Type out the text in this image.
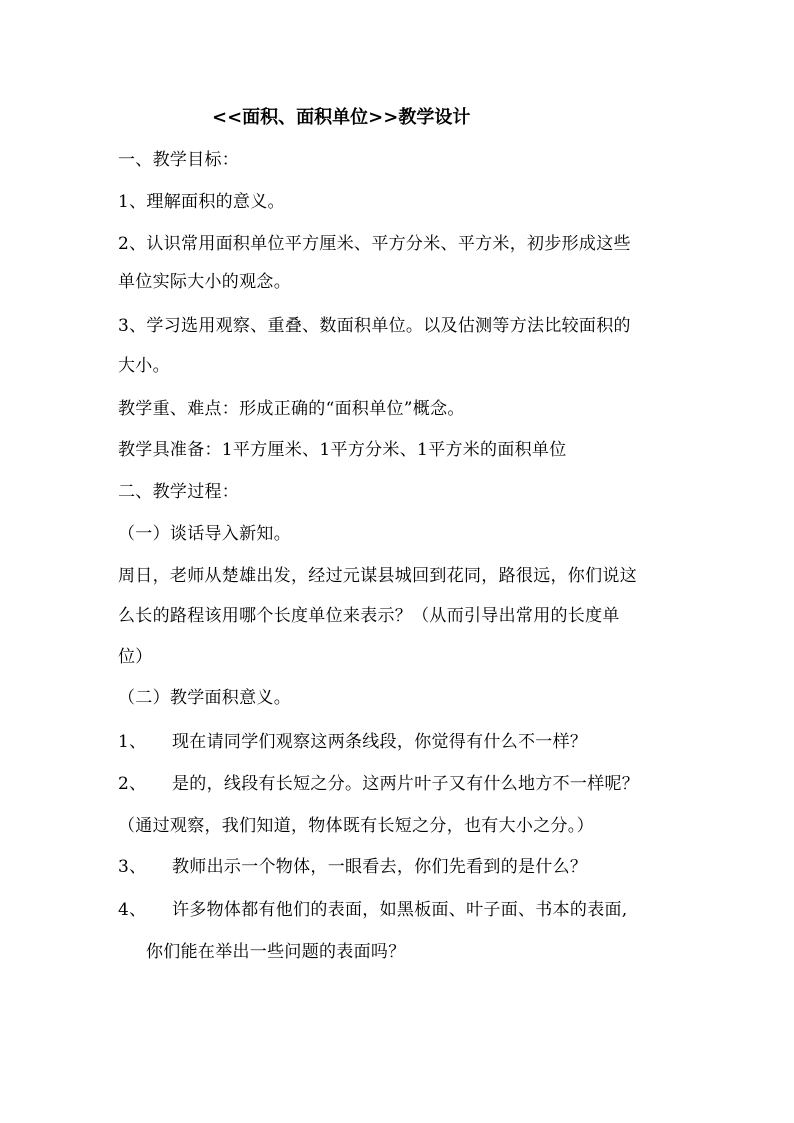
<<面积、面积单位>>教学设计
一、教学目标：
1、理解面积的意义。
2、认识常用面积单位平方厘米、平方分米、平方米，初步形成这些
单位实际大小的观念。
3、学习选用观察、重叠、数面积单位。以及估测等方法比较面积的
大小。
教学重、难点：形成正确的“面积单位”概念。
教学具准备：1平方厘米、1平方分米、1平方米的面积单位
二、教学过程：
（一）谈话导入新知。
周日，老师从楚雄出发，经过元谋县城回到花同，路很远，你们说这
么长的路程该用哪个长度单位来表示？（从而引导出常用的长度单
位）
（二）教学面积意义。
1、 现在请同学们观察这两条线段，你觉得有什么不一样？
2、 是的，线段有长短之分。这两片叶子又有什么地方不一样呢？
（通过观察，我们知道，物体既有长短之分，也有大小之分。）
3、 教师出示一个物体，一眼看去，你们先看到的是什么？
4、 许多物体都有他们的表面，如黑板面、叶子面、书本的表面,
你们能在举出一些问题的表面吗？
